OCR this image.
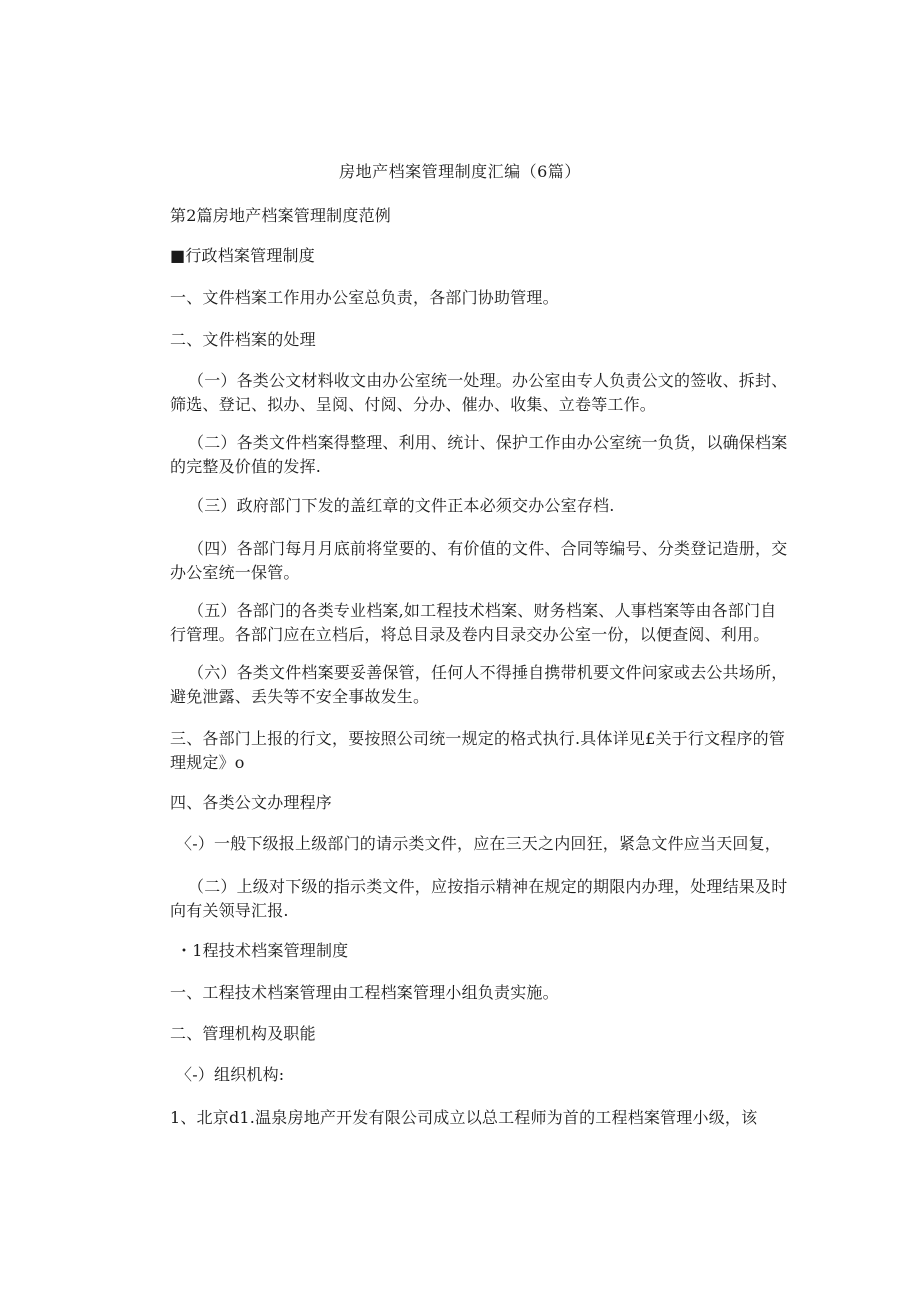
房地产档案管理制度汇编（6篇）
第2篇房地产档案管理制度范例
■行政档案管理制度
一、文件档案工作用办公室总负责，各部门协助管理。
二、文件档案的处理
（一）各类公文材料收文由办公室统一处理。办公室由专人负责公文的签收、拆封、筛选、登记、拟办、呈阅、付阅、分办、催办、收集、立卷等工作。
（二）各类文件档案得整理、利用、统计、保护工作由办公室统一负货，以确保档案的完整及价值的发挥.
（三）政府部门下发的盖红章的文件正本必须交办公室存档.
（四）各部门每月月底前将堂要的、有价值的文件、合同等编号、分类登记造册，交办公室统一保管。
（五）各部门的各类专业档案,如工程技术档案、财务档案、人事档案等由各部门自行管理。各部门应在立档后，将总目录及卷内目录交办公室一份，以便查阅、利用。
（六）各类文件档案要妥善保管，任何人不得捶自携带机要文件问家或去公共场所，避免泄露、丢失等不安全事故发生。
三、各部门上报的行文，要按照公司统一规定的格式执行.具体详见£关于行文程序的管理规定》o
四、各类公文办理程序
〈-）一般下级报上级部门的请示类文件，应在三天之内回狂，紧急文件应当天回复，
（二）上级对下级的指示类文件，应按指示精神在规定的期限内办理，处理结果及时向有关领导汇报.
・1程技术档案管理制度
一、工程技术档案管理由工程档案管理小组负责实施。
二、管理机构及职能
〈-）组织机构:
1、北京d1.温泉房地产开发有限公司成立以总工程师为首的工程档案管理小级，该
